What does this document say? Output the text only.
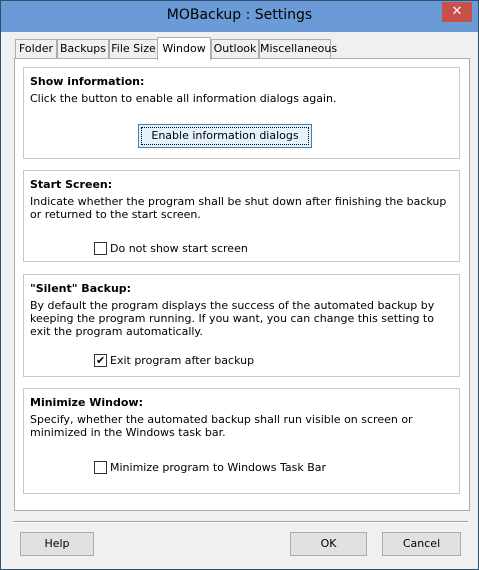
MOBackup : Settings	✕
Folder Backups File Size Window Outlook Miscellaneous
Show information:
Click the button to enable all information dialogs again.
Enable information dialogs
Start Screen:
Indicate whether the program shall be shut down after finishing the backup or returned to the start screen.
Do not show start screen
"Silent" Backup:
By default the program displays the success of the automated backup by keeping the program running. If you want, you can change this setting to exit the program automatically.
✔ Exit program after backup
Minimize Window:
Specify, whether the automated backup shall run visible on screen or minimized in the Windows task bar.
Minimize program to Windows Task Bar
Help	OK	Cancel
